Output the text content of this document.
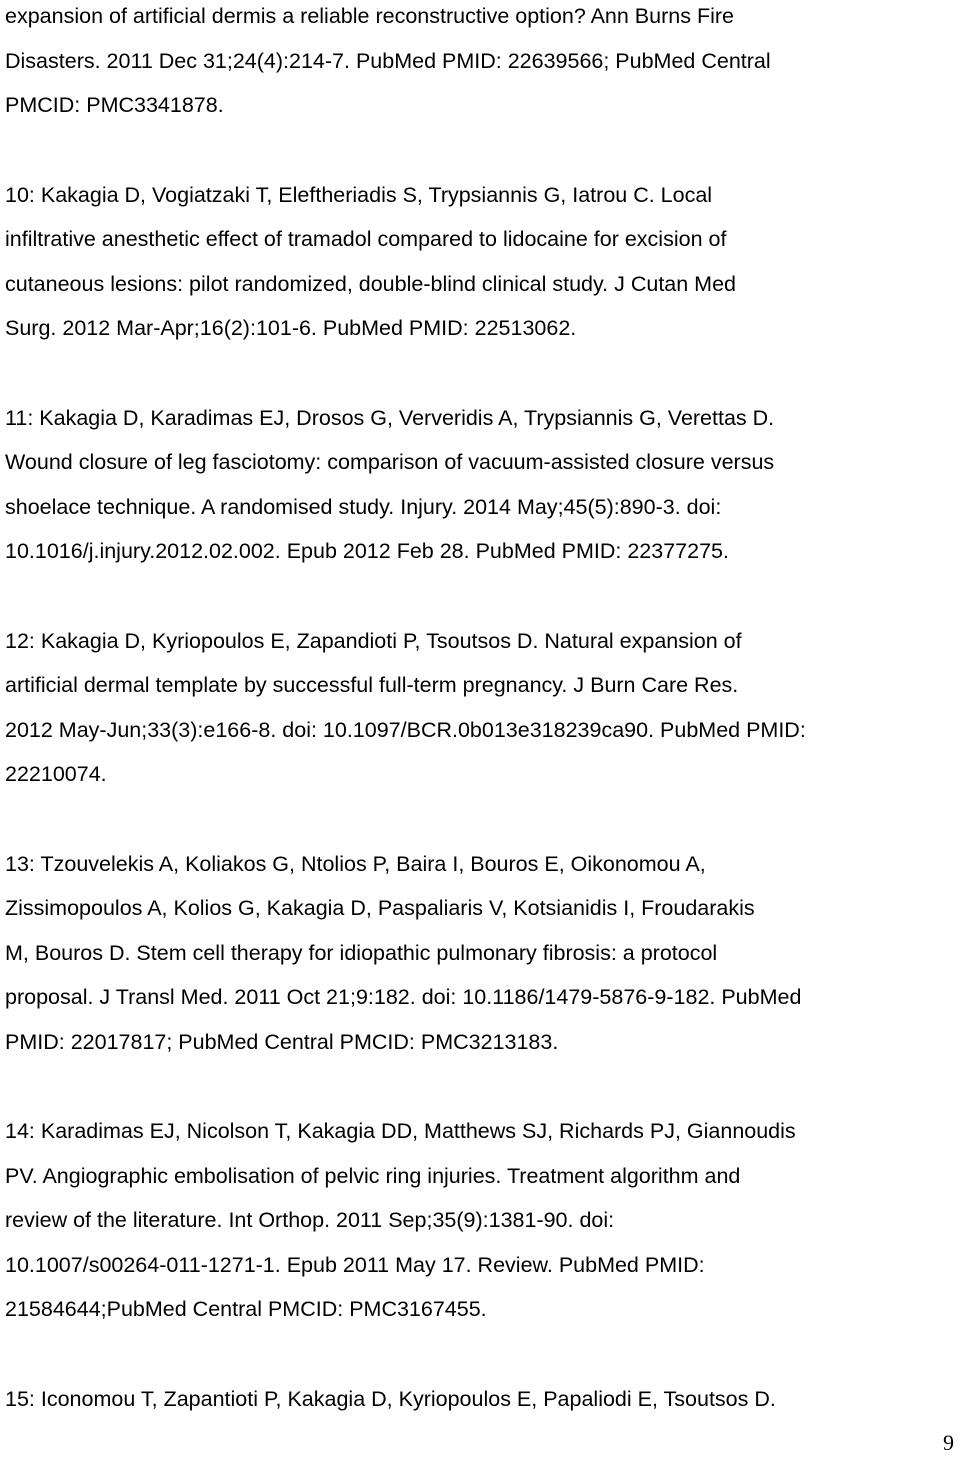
expansion of artificial dermis a reliable reconstructive option? Ann Burns Fire
Disasters. 2011 Dec 31;24(4):214-7. PubMed PMID: 22639566; PubMed Central
PMCID: PMC3341878.
10: Kakagia D, Vogiatzaki T, Eleftheriadis S, Trypsiannis G, Iatrou C. Local
infiltrative anesthetic effect of tramadol compared to lidocaine for excision of
cutaneous lesions: pilot randomized, double-blind clinical study. J Cutan Med
Surg. 2012 Mar-Apr;16(2):101-6. PubMed PMID: 22513062.
11: Kakagia D, Karadimas EJ, Drosos G, Ververidis A, Trypsiannis G, Verettas D.
Wound closure of leg fasciotomy: comparison of vacuum-assisted closure versus
shoelace technique. A randomised study. Injury. 2014 May;45(5):890-3. doi:
10.1016/j.injury.2012.02.002. Epub 2012 Feb 28. PubMed PMID: 22377275.
12: Kakagia D, Kyriopoulos E, Zapandioti P, Tsoutsos D. Natural expansion of
artificial dermal template by successful full-term pregnancy. J Burn Care Res.
2012 May-Jun;33(3):e166-8. doi: 10.1097/BCR.0b013e318239ca90. PubMed PMID:
22210074.
13: Tzouvelekis A, Koliakos G, Ntolios P, Baira I, Bouros E, Oikonomou A,
Zissimopoulos A, Kolios G, Kakagia D, Paspaliaris V, Kotsianidis I, Froudarakis
M, Bouros D. Stem cell therapy for idiopathic pulmonary fibrosis: a protocol
proposal. J Transl Med. 2011 Oct 21;9:182. doi: 10.1186/1479-5876-9-182. PubMed
PMID: 22017817; PubMed Central PMCID: PMC3213183.
14: Karadimas EJ, Nicolson T, Kakagia DD, Matthews SJ, Richards PJ, Giannoudis
PV. Angiographic embolisation of pelvic ring injuries. Treatment algorithm and
review of the literature. Int Orthop. 2011 Sep;35(9):1381-90. doi:
10.1007/s00264-011-1271-1. Epub 2011 May 17. Review. PubMed PMID:
21584644;PubMed Central PMCID: PMC3167455.
15: Iconomou T, Zapantioti P, Kakagia D, Kyriopoulos E, Papaliodi E, Tsoutsos D.
9
